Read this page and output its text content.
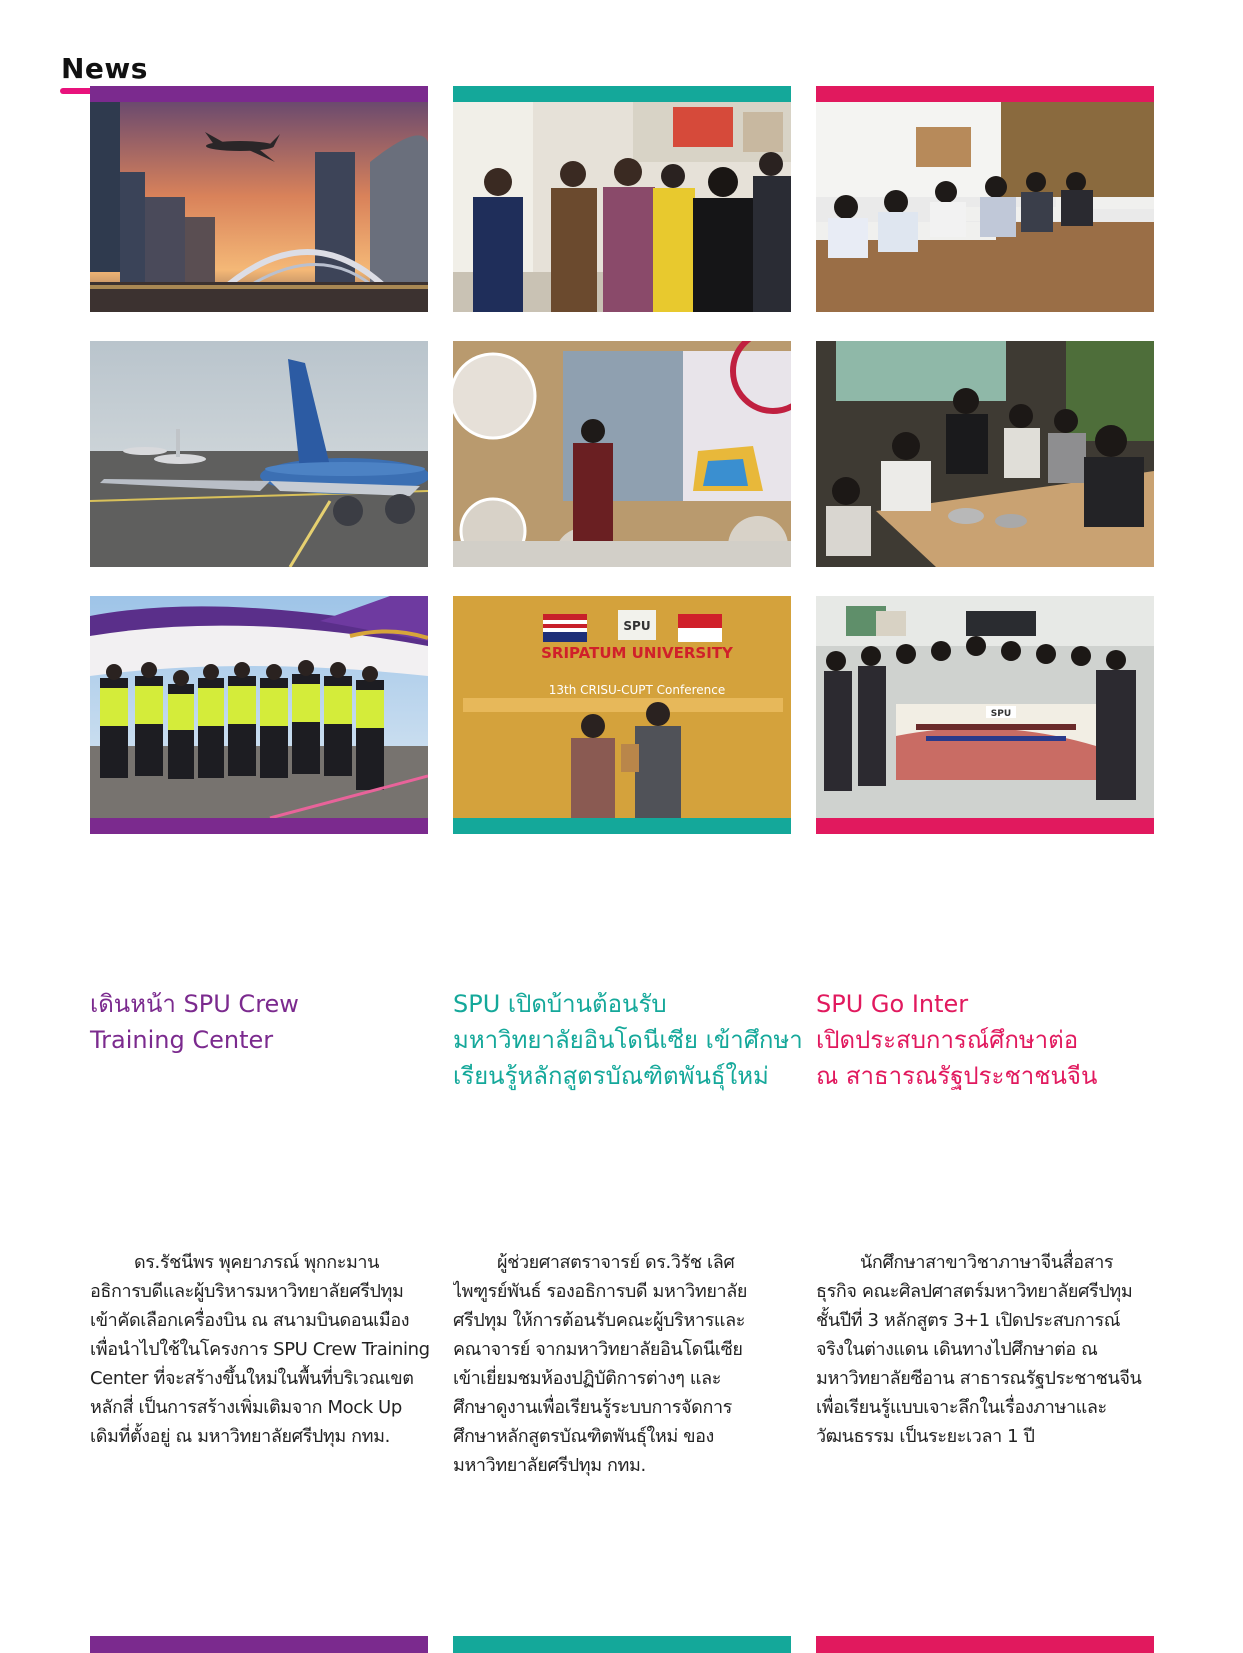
News
SPU
SRIPATUM UNIVERSITY
13th CRISU-CUPT Conference
SPU
เดินหน้า SPU Crew
Training Center
SPU เปิดบ้านต้อนรับ
มหาวิทยาลัยอินโดนีเซีย เข้าศึกษา
เรียนรู้หลักสูตรบัณฑิตพันธุ์ใหม่
SPU Go Inter
เปิดประสบการณ์ศึกษาต่อ
ณ สาธารณรัฐประชาชนจีน
ดร.รัชนีพร พุคยาภรณ์ พุกกะมาน
อธิการบดีและผู้บริหารมหาวิทยาลัยศรีปทุม
เข้าคัดเลือกเครื่องบิน ณ สนามบินดอนเมือง
เพื่อนำไปใช้ในโครงการ SPU Crew Training
Center ที่จะสร้างขึ้นใหม่ในพื้นที่บริเวณเขต
หลักสี่ เป็นการสร้างเพิ่มเติมจาก Mock Up
เดิมที่ตั้งอยู่ ณ มหาวิทยาลัยศรีปทุม กทม.
ผู้ช่วยศาสตราจารย์ ดร.วิรัช เลิศ
ไพฑูรย์พันธ์ รองอธิการบดี มหาวิทยาลัย
ศรีปทุม ให้การต้อนรับคณะผู้บริหารและ
คณาจารย์ จากมหาวิทยาลัยอินโดนีเซีย
เข้าเยี่ยมชมห้องปฏิบัติการต่างๆ และ
ศึกษาดูงานเพื่อเรียนรู้ระบบการจัดการ
ศึกษาหลักสูตรบัณฑิตพันธุ์ใหม่ ของ
มหาวิทยาลัยศรีปทุม กทม.
นักศึกษาสาขาวิชาภาษาจีนสื่อสาร
ธุรกิจ คณะศิลปศาสตร์มหาวิทยาลัยศรีปทุม
ชั้นปีที่ 3 หลักสูตร 3+1 เปิดประสบการณ์
จริงในต่างแดน เดินทางไปศึกษาต่อ ณ
มหาวิทยาลัยซีอาน สาธารณรัฐประชาชนจีน
เพื่อเรียนรู้แบบเจาะลึกในเรื่องภาษาและ
วัฒนธรรม เป็นระยะเวลา 1 ปี
